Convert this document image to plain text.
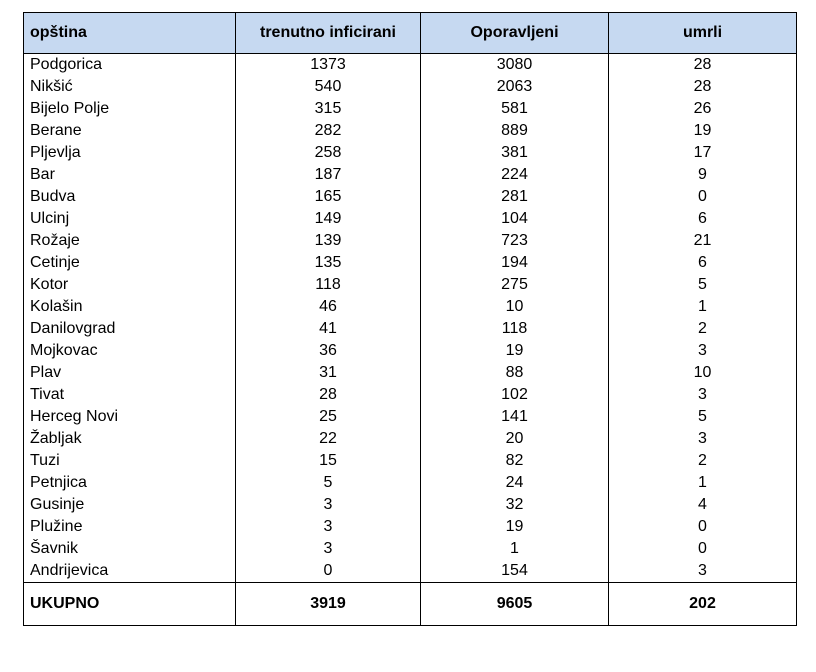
opština	trenutno inficirani	Oporavljeni	umrli
Podgorica	1373	3080	28
Nikšić	540	2063	28
Bijelo Polje	315	581	26
Berane	282	889	19
Pljevlja	258	381	17
Bar	187	224	9
Budva	165	281	0
Ulcinj	149	104	6
Rožaje	139	723	21
Cetinje	135	194	6
Kotor	118	275	5
Kolašin	46	10	1
Danilovgrad	41	118	2
Mojkovac	36	19	3
Plav	31	88	10
Tivat	28	102	3
Herceg Novi	25	141	5
Žabljak	22	20	3
Tuzi	15	82	2
Petnjica	5	24	1
Gusinje	3	32	4
Plužine	3	19	0
Šavnik	3	1	0
Andrijevica	0	154	3
UKUPNO	3919	9605	202
